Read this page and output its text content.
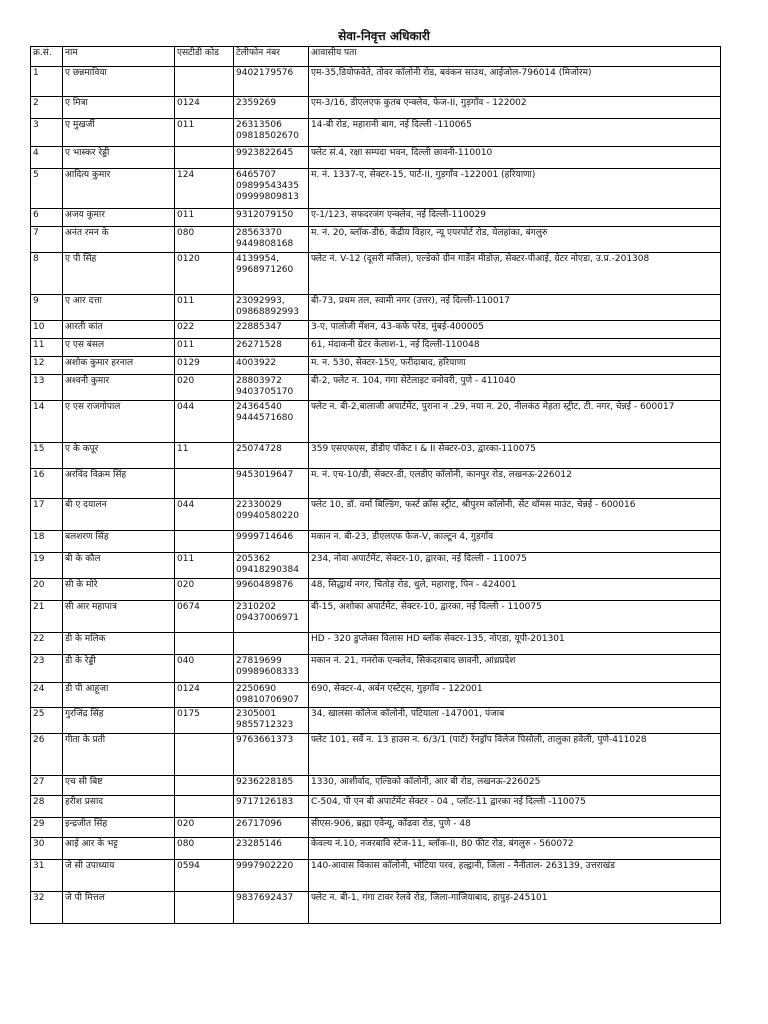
सेवा-निवृत्त अधिकारी
क्र.सं.	नाम	एसटीडी कोड	टेलीफोन नंबर	आवासीय पता
1	ए छन्नमाविया		9402179576	एम-35,डियोफवेते, तोवर कॉलोनी रोड, बवंकन साउथ, आईजोल-796014 (मिजोरम)
2	ए मित्रा	0124	2359269	एम-3/16, डीएलएफ कुतब एन्क्लेव, फेज-II, गुड़गाँव - 122002
3	ए मुखर्जी	011	26313506
09818502670	14-बी रोड, महारानी बाग, नई दिल्ली -110065
4	ए भास्कर रेड्डी		9923822645	फ्लेट सं.4, रक्षा सम्पदा भवन, दिल्ली छावनी-110010
5	आदित्य कुमार	124	6465707
09899543435
09999809813	म. नं. 1337-ए, सेक्टर-15, पार्ट-II, गुड़गाँव -122001 (हरियाणा)
6	अजय कुमार	011	9312079150	ए-1/123, सफदरजंग एन्क्लेव, नई दिल्ली-110029
7	अनंत रमन के	080	28563370
9449808168	म. नं. 20, ब्लॉक-डी6, केंद्रीय विहार, न्यू एयरपोर्ट रोड, येलहांका, बंगलुरु
8	ए पी सिंह	0120	4139954,
9968971260	फ्लेट नं. V-12 (दूसरी मंजिल), एल्डेको ग्रीन गार्डेन मीडोज़, सेक्टर-पीआई, ग्रेटर नोएडा, उ.प्र.-201308
9	ए आर दत्ता	011	23092993,
09868892993	बी-73, प्रथम तल, स्वामी नगर (उत्तर), नई दिल्ली-110017
10	आरती कांत	022	22885347	3-ए, पालोजी मेंशन, 43-कफे परेड, मुंबई-400005
11	ए एस बंसल	011	26271528	61, मंदाकनी ग्रेटर केलाश-1, नई दिल्ली-110048
12	अशोक कुमार हरनाल	0129	4003922	म. न. 530, सेक्टर-15ए, फरीदाबाद, हरियाणा
13	अश्वनी कुमार	020	28803972
9403705170	बी-2, फ्लेट न. 104, गंगा सेटेलाइट वनोवरी, पुणे - 411040
14	ए एस राजगोपाल	044	24364540
9444571680	फ्लेट न. बी-2,बालाजी अपार्टमेंट, पुराना न .29, नया न. 20, नीलकंठ मेहता स्ट्रीट, टी. नगर, चेन्नई - 600017
15	ए के कपूर	11	25074728	359 एसएफएस, डीडीए पॉकेट I & II सेक्टर-03, द्वारका-110075
16	अरविंद विक्रम सिंह		9453019647	म. नं. एच-10/डी, सेक्टर-डी, एलडीए कॉलोनी, कानपुर रोड, लखनऊ-226012
17	बी ए दयालन	044	22330029
09940580220	फ्लेट 10, डॉ. वर्मा बिल्डिंग, फर्स्ट क्रॉस स्ट्रीट, श्रीपुरम कॉलोनी, सेंट थॉमस माउंट, चेन्नई - 600016
18	बलशरण सिंह		9999714646	मकान न. बी-23, डीएलएफ फेज-V, काल्टून 4, गुड़गाँव
19	बी के कौल	011	205362
09418290384	234, नोवा अपार्टमेंट, सेक्टर-10, द्वारका, नई दिल्ली - 110075
20	सी के मोरे	020	9960489876	48, सिद्धार्थ नगर, चितोड़ रोड, धुले, महाराष्ट्र, पिन - 424001
21	सी आर महापात्र	0674	2310202
09437006971	बी-15, अशोका अपार्टमेंट, सेक्टर-10, द्वारका, नई दिल्ली - 110075
22	डी के मलिक			HD - 320 डुप्लेक्स विलास HD ब्लॉक सेक्टर-135, नोएडा, यूपी-201301
23	डी के रेड्डी	040	27819699
09989608333	मकान नं. 21, गनरोक एन्क्लेव, सिकंदराबाद छावनी, आंध्रप्रदेश
24	डी पी आहूजा	0124	2250690
09810706907	690, सेक्टर-4, अर्बन एस्टेट्स, गुड़गाँव - 122001
25	गुरजिंद्र सिंह	0175	2305001
9855712323	34, खालसा कॉलेज कॉलोनी, पटियाला -147001, पंजाब
26	गीता के प्रती		9763661373	फ्लेट 101, सर्वे न. 13 हाउस न. 6/3/1 (पार्ट) रेनड्रॉप विलेज पिसोली, तालुका हवेली, पुणे-411028
27	एच सी बिष्ट		9236228185	1330, आशीर्वाद, एल्डिको कॉलोनी, आर बी रोड, लखनऊ-226025
28	हरीश प्रसाद		9717126183	C-504, पी एन बी अपार्टमेंट सेक्टर - 04 , प्लॉट-11 द्वारका नई दिल्ली -110075
29	इन्द्रजीत सिंह	020	26717096	सीएस-906, ब्रह्मा एवेन्यू, कोंढवा रोड, पुणे - 48
30	आई आर के भट्ट	080	23285146	केवल्य नं.10, नजरबावि स्टेज-11, ब्लॉक-II, 80 फीट रोड, बंगलुरु - 560072
31	जे सी उपाध्याय	0594	9997902220	140-आवास विकास कॉलोनी, भोटिया परव, हल्द्वानी, जिला - नैनीताल- 263139, उत्तराखंड
32	जे पी मित्तल		9837692437	फ्लेट न. बी-1, गंगा टावर रेलवे रोड, जिला-गाजियाबाद, हापुड़-245101
